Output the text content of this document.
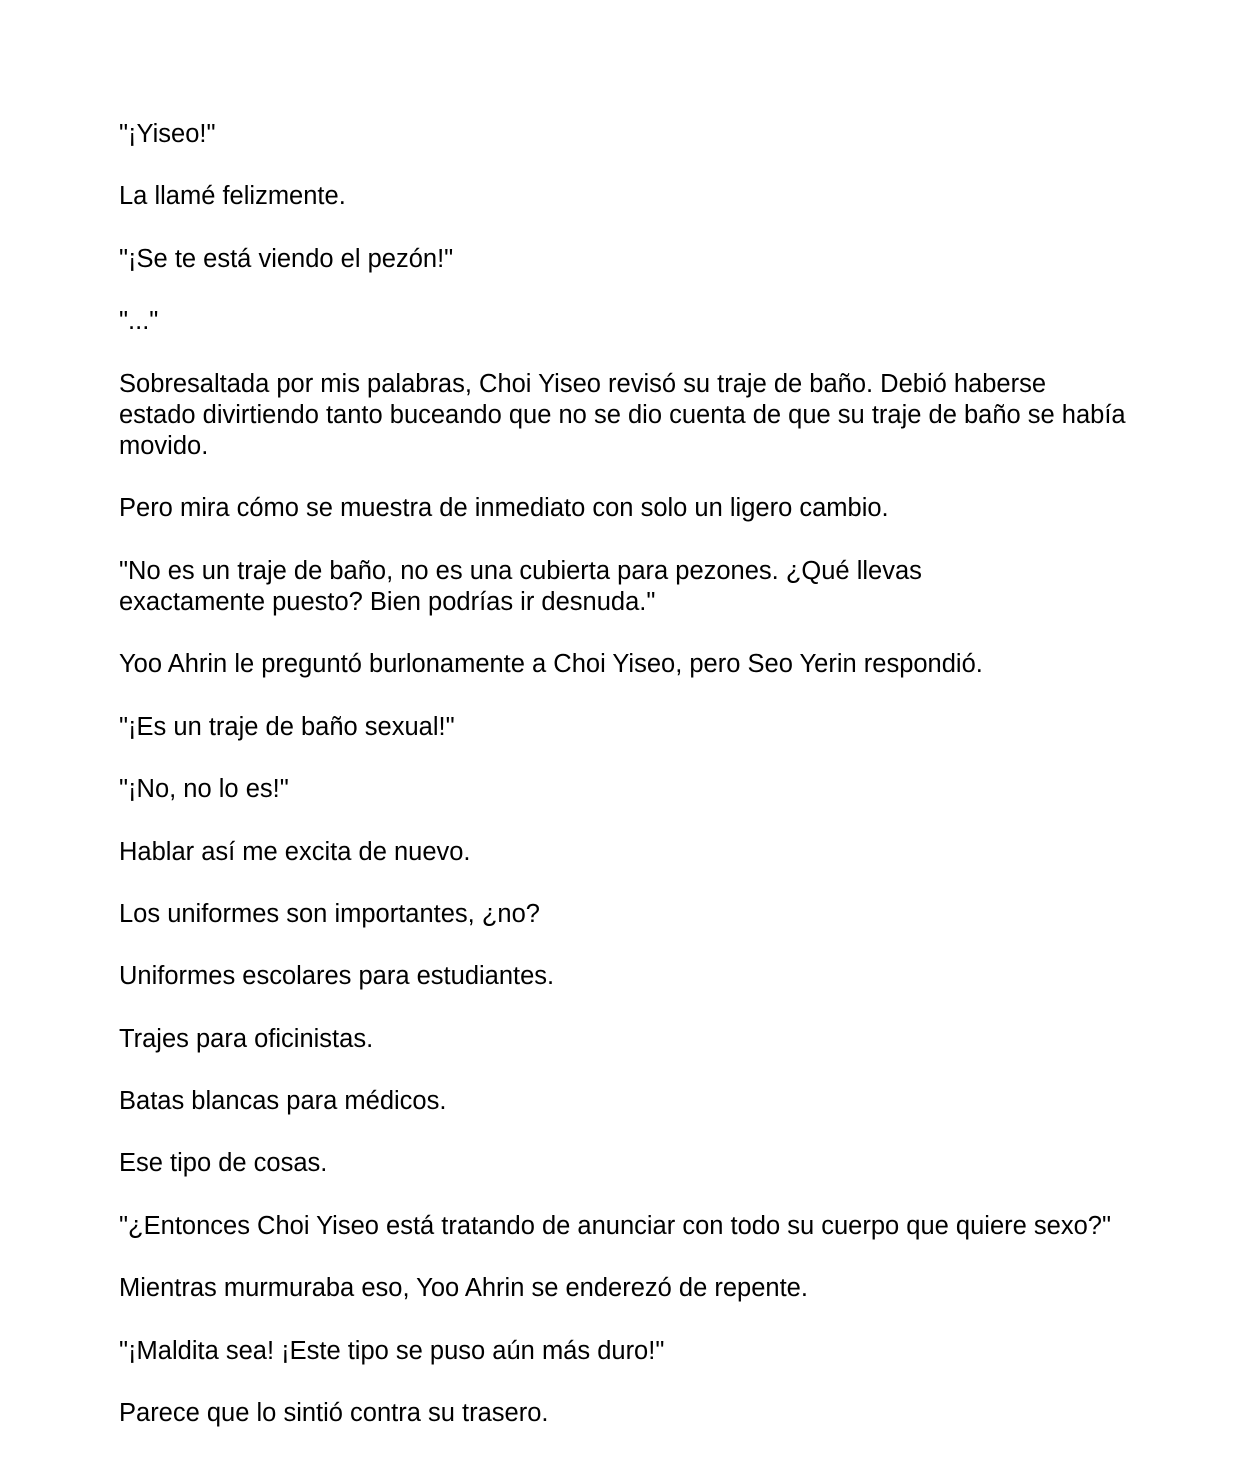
"¡Yiseo!"

La llamé felizmente.

"¡Se te está viendo el pezón!"

"..."

Sobresaltada por mis palabras, Choi Yiseo revisó su traje de baño. Debió haberse estado divirtiendo tanto buceando que no se dio cuenta de que su traje de baño se había movido.

Pero mira cómo se muestra de inmediato con solo un ligero cambio.

"No es un traje de baño, no es una cubierta para pezones. ¿Qué llevas exactamente puesto? Bien podrías ir desnuda."

Yoo Ahrin le preguntó burlonamente a Choi Yiseo, pero Seo Yerin respondió.

"¡Es un traje de baño sexual!"

"¡No, no lo es!"

Hablar así me excita de nuevo.

Los uniformes son importantes, ¿no?

Uniformes escolares para estudiantes.

Trajes para oficinistas.

Batas blancas para médicos.

Ese tipo de cosas.

"¿Entonces Choi Yiseo está tratando de anunciar con todo su cuerpo que quiere sexo?"

Mientras murmuraba eso, Yoo Ahrin se enderezó de repente.

"¡Maldita sea! ¡Este tipo se puso aún más duro!"

Parece que lo sintió contra su trasero.
